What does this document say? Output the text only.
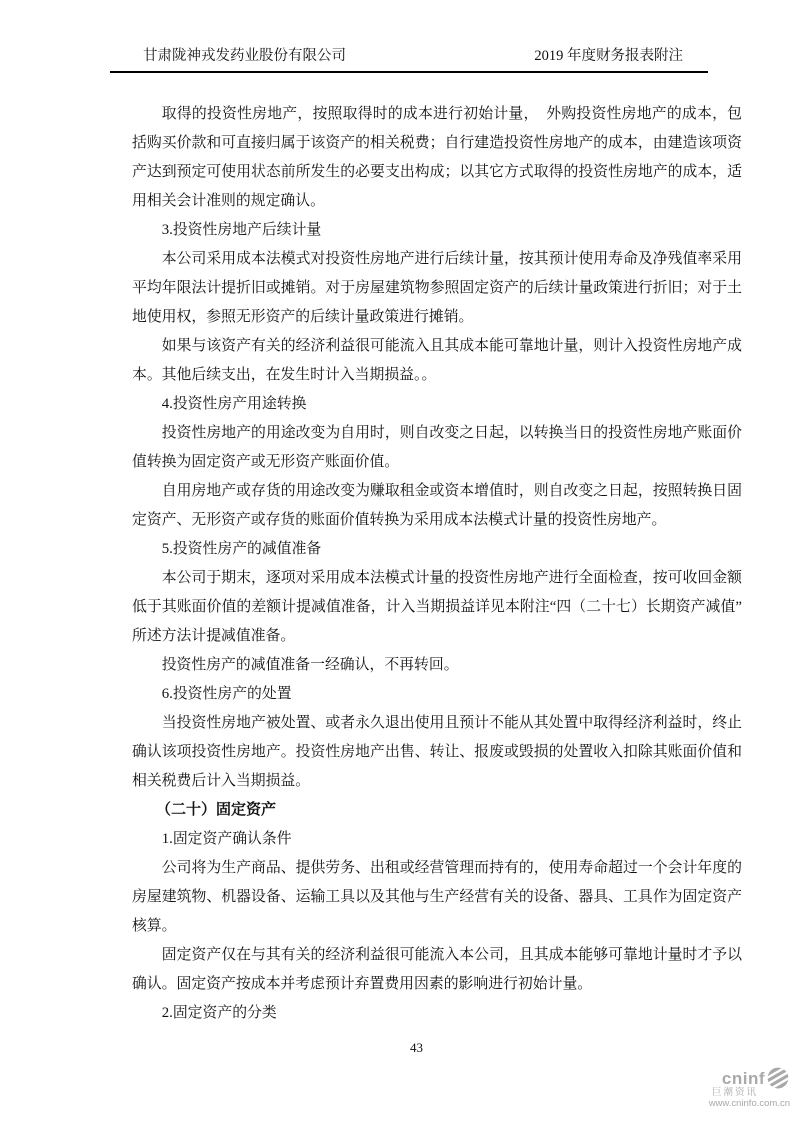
甘肃陇神戎发药业股份有限公司	2019 年度财务报表附注

取得的投资性房地产，按照取得时的成本进行初始计量，　外购投资性房地产的成本，包括购买价款和可直接归属于该资产的相关税费；自行建造投资性房地产的成本，由建造该项资产达到预定可使用状态前所发生的必要支出构成；以其它方式取得的投资性房地产的成本，适用相关会计准则的规定确认。

3.投资性房地产后续计量

本公司采用成本法模式对投资性房地产进行后续计量，按其预计使用寿命及净残值率采用平均年限法计提折旧或摊销。对于房屋建筑物参照固定资产的后续计量政策进行折旧；对于土地使用权，参照无形资产的后续计量政策进行摊销。

如果与该资产有关的经济利益很可能流入且其成本能可靠地计量，则计入投资性房地产成本。其他后续支出，在发生时计入当期损益。。

4.投资性房产用途转换

投资性房地产的用途改变为自用时，则自改变之日起，以转换当日的投资性房地产账面价值转换为固定资产或无形资产账面价值。

自用房地产或存货的用途改变为赚取租金或资本增值时，则自改变之日起，按照转换日固定资产、无形资产或存货的账面价值转换为采用成本法模式计量的投资性房地产。

5.投资性房产的减值准备

本公司于期末，逐项对采用成本法模式计量的投资性房地产进行全面检查，按可收回金额低于其账面价值的差额计提减值准备，计入当期损益详见本附注“四（二十七）长期资产减值”所述方法计提减值准备。

投资性房产的减值准备一经确认，不再转回。

6.投资性房产的处置

当投资性房地产被处置、或者永久退出使用且预计不能从其处置中取得经济利益时，终止确认该项投资性房地产。投资性房地产出售、转让、报废或毁损的处置收入扣除其账面价值和相关税费后计入当期损益。

（二十）固定资产

1.固定资产确认条件

公司将为生产商品、提供劳务、出租或经营管理而持有的，使用寿命超过一个会计年度的房屋建筑物、机器设备、运输工具以及其他与生产经营有关的设备、器具、工具作为固定资产核算。

固定资产仅在与其有关的经济利益很可能流入本公司，且其成本能够可靠地计量时才予以确认。固定资产按成本并考虑预计弃置费用因素的影响进行初始计量。

2.固定资产的分类

43
cninf
巨潮资讯
www.cninfo.com.cn
